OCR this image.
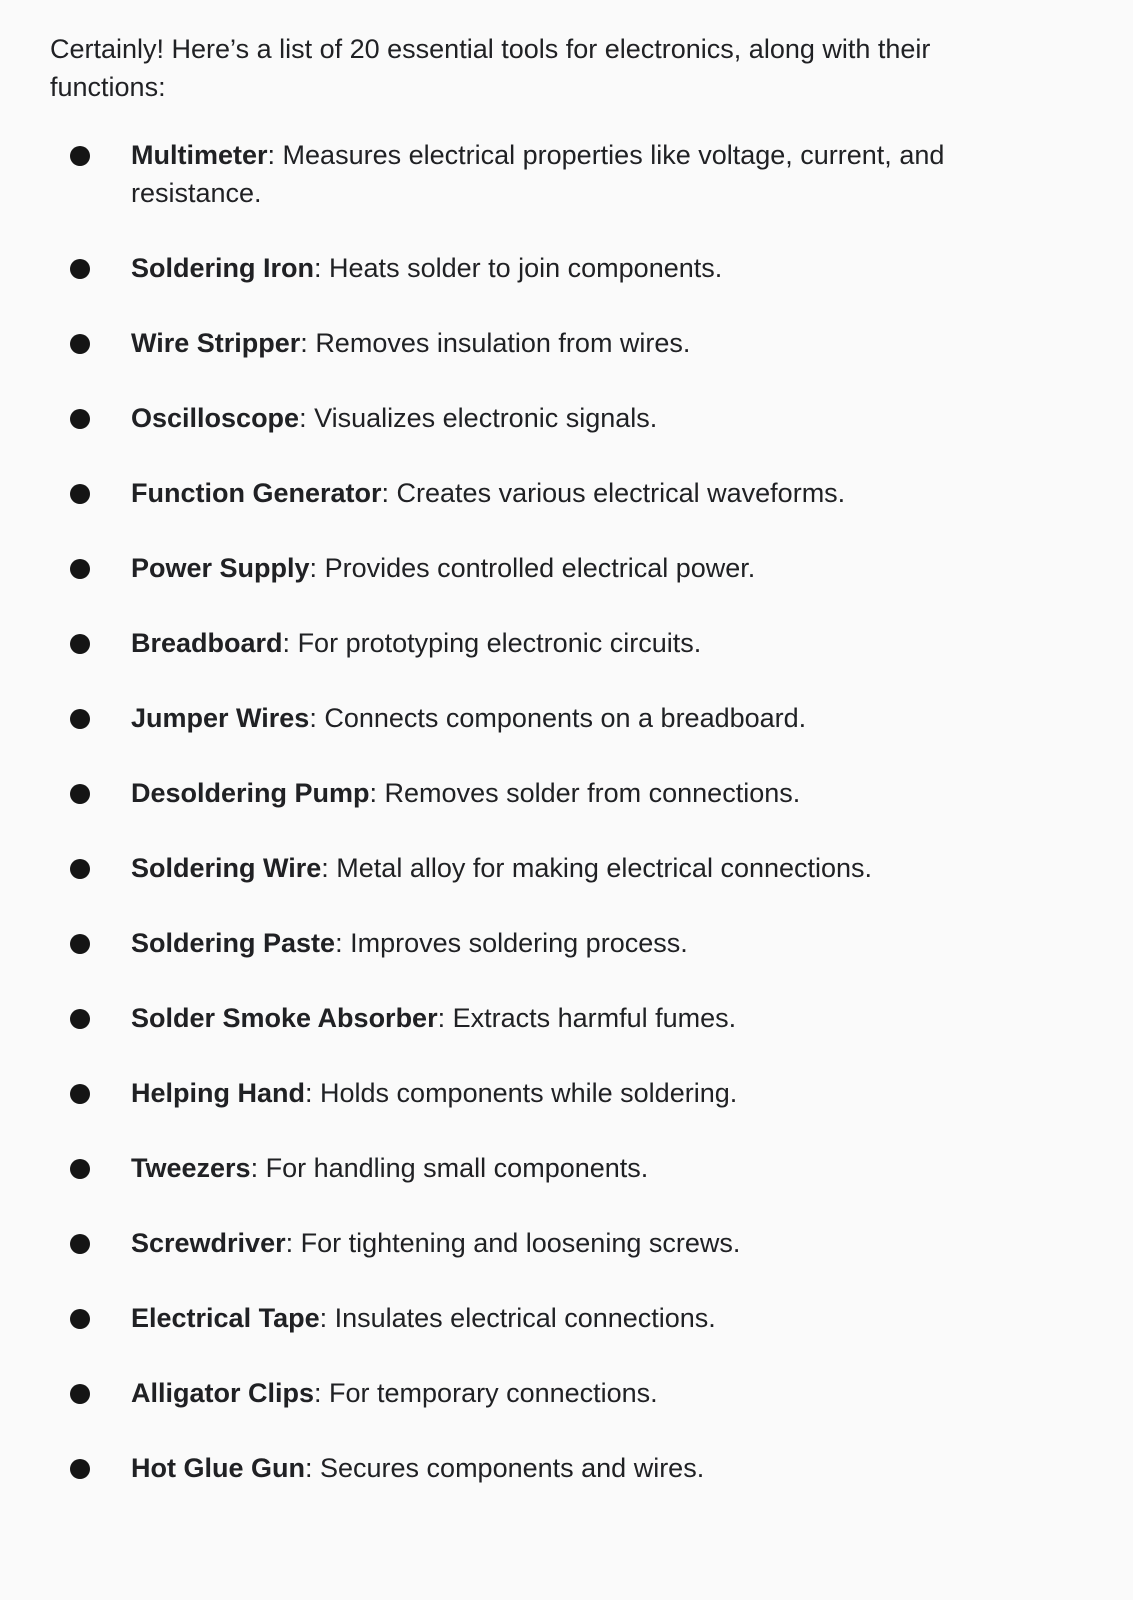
Certainly! Here’s a list of 20 essential tools for electronics, along with their functions:

Multimeter: Measures electrical properties like voltage, current, and resistance.
Soldering Iron: Heats solder to join components.
Wire Stripper: Removes insulation from wires.
Oscilloscope: Visualizes electronic signals.
Function Generator: Creates various electrical waveforms.
Power Supply: Provides controlled electrical power.
Breadboard: For prototyping electronic circuits.
Jumper Wires: Connects components on a breadboard.
Desoldering Pump: Removes solder from connections.
Soldering Wire: Metal alloy for making electrical connections.
Soldering Paste: Improves soldering process.
Solder Smoke Absorber: Extracts harmful fumes.
Helping Hand: Holds components while soldering.
Tweezers: For handling small components.
Screwdriver: For tightening and loosening screws.
Electrical Tape: Insulates electrical connections.
Alligator Clips: For temporary connections.
Hot Glue Gun: Secures components and wires.
